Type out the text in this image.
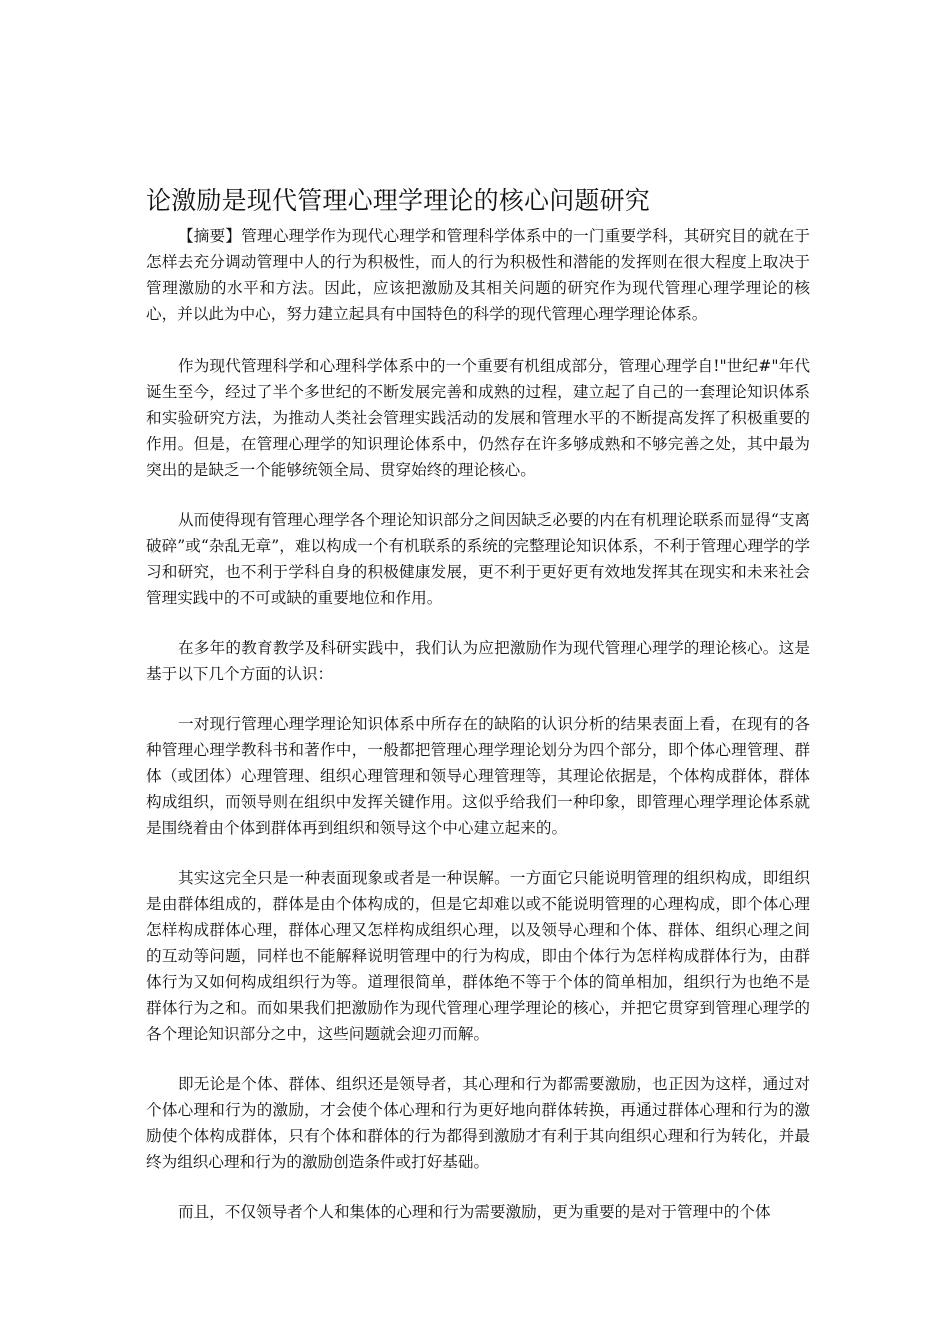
论激励是现代管理心理学理论的核心问题研究

【摘要】管理心理学作为现代心理学和管理科学体系中的一门重要学科，其研究目的就在于怎样去充分调动管理中人的行为积极性，而人的行为积极性和潜能的发挥则在很大程度上取决于管理激励的水平和方法。因此，应该把激励及其相关问题的研究作为现代管理心理学理论的核心，并以此为中心，努力建立起具有中国特色的科学的现代管理心理学理论体系。

作为现代管理科学和心理科学体系中的一个重要有机组成部分，管理心理学自!"世纪#"年代诞生至今，经过了半个多世纪的不断发展完善和成熟的过程，建立起了自己的一套理论知识体系和实验研究方法，为推动人类社会管理实践活动的发展和管理水平的不断提高发挥了积极重要的作用。但是，在管理心理学的知识理论体系中，仍然存在许多够成熟和不够完善之处，其中最为突出的是缺乏一个能够统领全局、贯穿始终的理论核心。

从而使得现有管理心理学各个理论知识部分之间因缺乏必要的内在有机理论联系而显得“支离破碎”或“杂乱无章”，难以构成一个有机联系的系统的完整理论知识体系，不利于管理心理学的学习和研究，也不利于学科自身的积极健康发展，更不利于更好更有效地发挥其在现实和未来社会管理实践中的不可或缺的重要地位和作用。

在多年的教育教学及科研实践中，我们认为应把激励作为现代管理心理学的理论核心。这是基于以下几个方面的认识：

一对现行管理心理学理论知识体系中所存在的缺陷的认识分析的结果表面上看，在现有的各种管理心理学教科书和著作中，一般都把管理心理学理论划分为四个部分，即个体心理管理、群体（或团体）心理管理、组织心理管理和领导心理管理等，其理论依据是，个体构成群体，群体构成组织，而领导则在组织中发挥关键作用。这似乎给我们一种印象，即管理心理学理论体系就是围绕着由个体到群体再到组织和领导这个中心建立起来的。

其实这完全只是一种表面现象或者是一种误解。一方面它只能说明管理的组织构成，即组织是由群体组成的，群体是由个体构成的，但是它却难以或不能说明管理的心理构成，即个体心理怎样构成群体心理，群体心理又怎样构成组织心理，以及领导心理和个体、群体、组织心理之间的互动等问题，同样也不能解释说明管理中的行为构成，即由个体行为怎样构成群体行为，由群体行为又如何构成组织行为等。道理很简单，群体绝不等于个体的简单相加，组织行为也绝不是群体行为之和。而如果我们把激励作为现代管理心理学理论的核心，并把它贯穿到管理心理学的各个理论知识部分之中，这些问题就会迎刃而解。

即无论是个体、群体、组织还是领导者，其心理和行为都需要激励，也正因为这样，通过对个体心理和行为的激励，才会使个体心理和行为更好地向群体转换，再通过群体心理和行为的激励使个体构成群体，只有个体和群体的行为都得到激励才有利于其向组织心理和行为转化，并最终为组织心理和行为的激励创造条件或打好基础。

而且，不仅领导者个人和集体的心理和行为需要激励，更为重要的是对于管理中的个体
